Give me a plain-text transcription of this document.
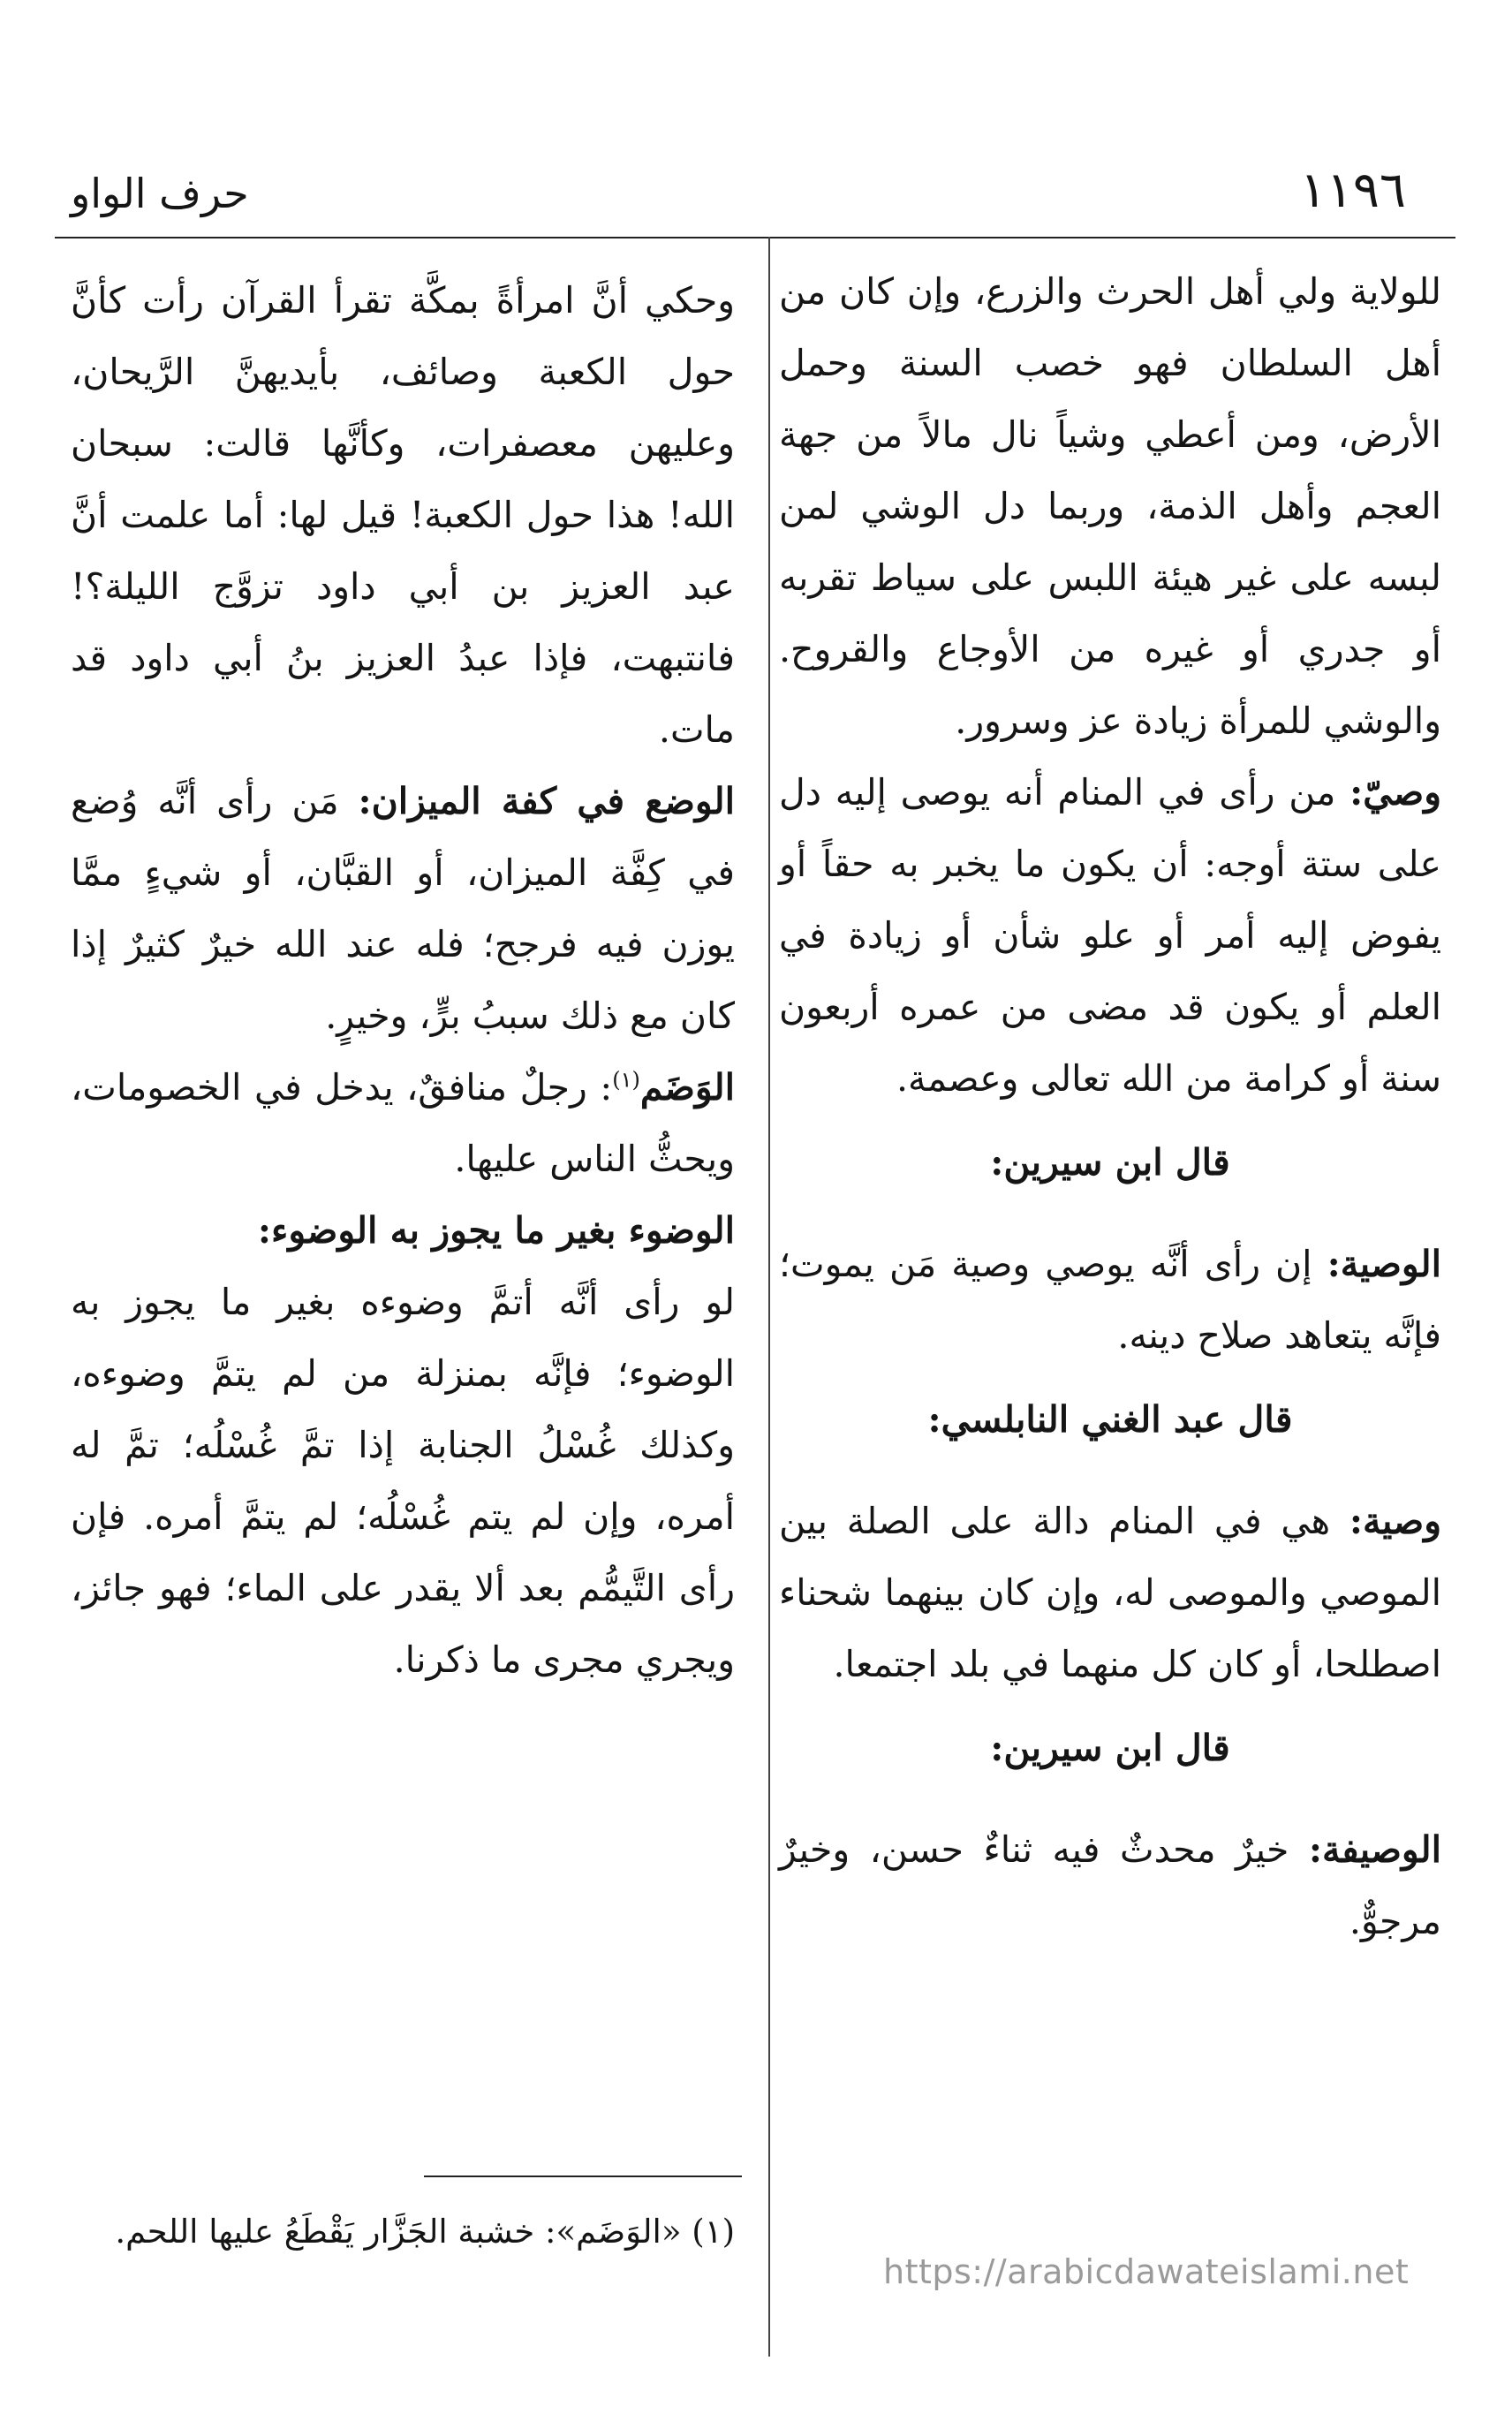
١١٩٦
حرف الواو

للولاية ولي أهل الحرث والزرع، وإن كان من أهل السلطان فهو خصب السنة وحمل الأرض، ومن أعطي وشياً نال مالاً من جهة العجم وأهل الذمة، وربما دل الوشي لمن لبسه على غير هيئة اللبس على سياط تقربه أو جدري أو غيره من الأوجاع والقروح. والوشي للمرأة زيادة عز وسرور.

وصيّ: من رأى في المنام أنه يوصى إليه دل على ستة أوجه: أن يكون ما يخبر به حقاً أو يفوض إليه أمر أو علو شأن أو زيادة في العلم أو يكون قد مضى من عمره أربعون سنة أو كرامة من الله تعالى وعصمة.

قال ابن سيرين:

الوصية: إن رأى أنَّه يوصي وصية مَن يموت؛ فإنَّه يتعاهد صلاح دينه.

قال عبد الغني النابلسي:

وصية: هي في المنام دالة على الصلة بين الموصي والموصى له، وإن كان بينهما شحناء اصطلحا، أو كان كل منهما في بلد اجتمعا.

قال ابن سيرين:

الوصيفة: خيرٌ محدثٌ فيه ثناءٌ حسن، وخيرٌ مرجوٌّ.

وحكي أنَّ امرأةً بمكَّة تقرأ القرآن رأت كأنَّ حول الكعبة وصائف، بأيديهنَّ الرَّيحان، وعليهن معصفرات، وكأنَّها قالت: سبحان الله! هذا حول الكعبة! قيل لها: أما علمت أنَّ عبد العزيز بن أبي داود تزوَّج الليلة؟! فانتبهت، فإذا عبدُ العزيز بنُ أبي داود قد مات.

الوضع في كفة الميزان: مَن رأى أنَّه وُضع في كِفَّة الميزان، أو القبَّان، أو شيءٍ ممَّا يوزن فيه فرجح؛ فله عند الله خيرٌ كثيرٌ إذا كان مع ذلك سببُ برٍّ، وخيرٍ.

الوَضَم$^{(١)}$: رجلٌ منافقٌ، يدخل في الخصومات، ويحثُّ الناس عليها.

الوضوء بغير ما يجوز به الوضوء:
لو رأى أنَّه أتمَّ وضوءه بغير ما يجوز به الوضوء؛ فإنَّه بمنزلة من لم يتمَّ وضوءه، وكذلك غُسْلُ الجنابة إذا تمَّ غُسْلُه؛ تمَّ له أمره، وإن لم يتم غُسْلُه؛ لم يتمَّ أمره. فإن رأى التَّيمُّم بعد ألا يقدر على الماء؛ فهو جائز، ويجري مجرى ما ذكرنا.

(١) «الوَضَم»: خشبة الجَزَّار يَقْطَعُ عليها اللحم.
https://arabicdawateislami.net
